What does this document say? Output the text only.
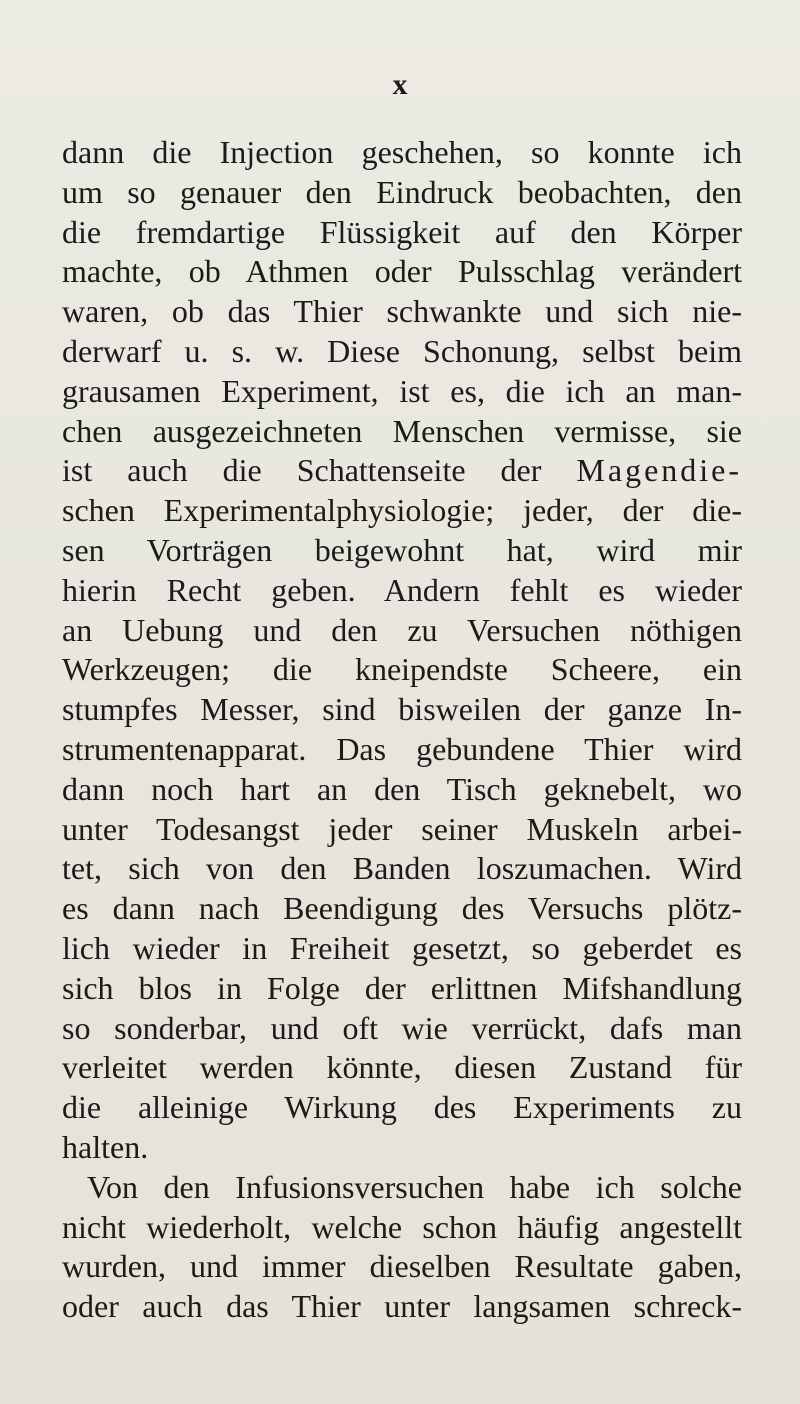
x
dann die Injection geschehen, so konnte ich
um so genauer den Eindruck beobachten, den
die fremdartige Flüssigkeit auf den Körper
machte, ob Athmen oder Pulsschlag verändert
waren, ob das Thier schwankte und sich nie-
derwarf u. s. w. Diese Schonung, selbst beim
grausamen Experiment, ist es, die ich an man-
chen ausgezeichneten Menschen vermisse, sie
ist auch die Schattenseite der Magendie-
schen Experimentalphysiologie; jeder, der die-
sen Vorträgen beigewohnt hat, wird mir
hierin Recht geben. Andern fehlt es wieder
an Uebung und den zu Versuchen nöthigen
Werkzeugen; die kneipendste Scheere, ein
stumpfes Messer, sind bisweilen der ganze In-
strumentenapparat. Das gebundene Thier wird
dann noch hart an den Tisch geknebelt, wo
unter Todesangst jeder seiner Muskeln arbei-
tet, sich von den Banden loszumachen. Wird
es dann nach Beendigung des Versuchs plötz-
lich wieder in Freiheit gesetzt, so geberdet es
sich blos in Folge der erlittnen Mifshandlung
so sonderbar, und oft wie verrückt, dafs man
verleitet werden könnte, diesen Zustand für
die alleinige Wirkung des Experiments zu
halten.
Von den Infusionsversuchen habe ich solche
nicht wiederholt, welche schon häufig angestellt
wurden, und immer dieselben Resultate gaben,
oder auch das Thier unter langsamen schreck-
